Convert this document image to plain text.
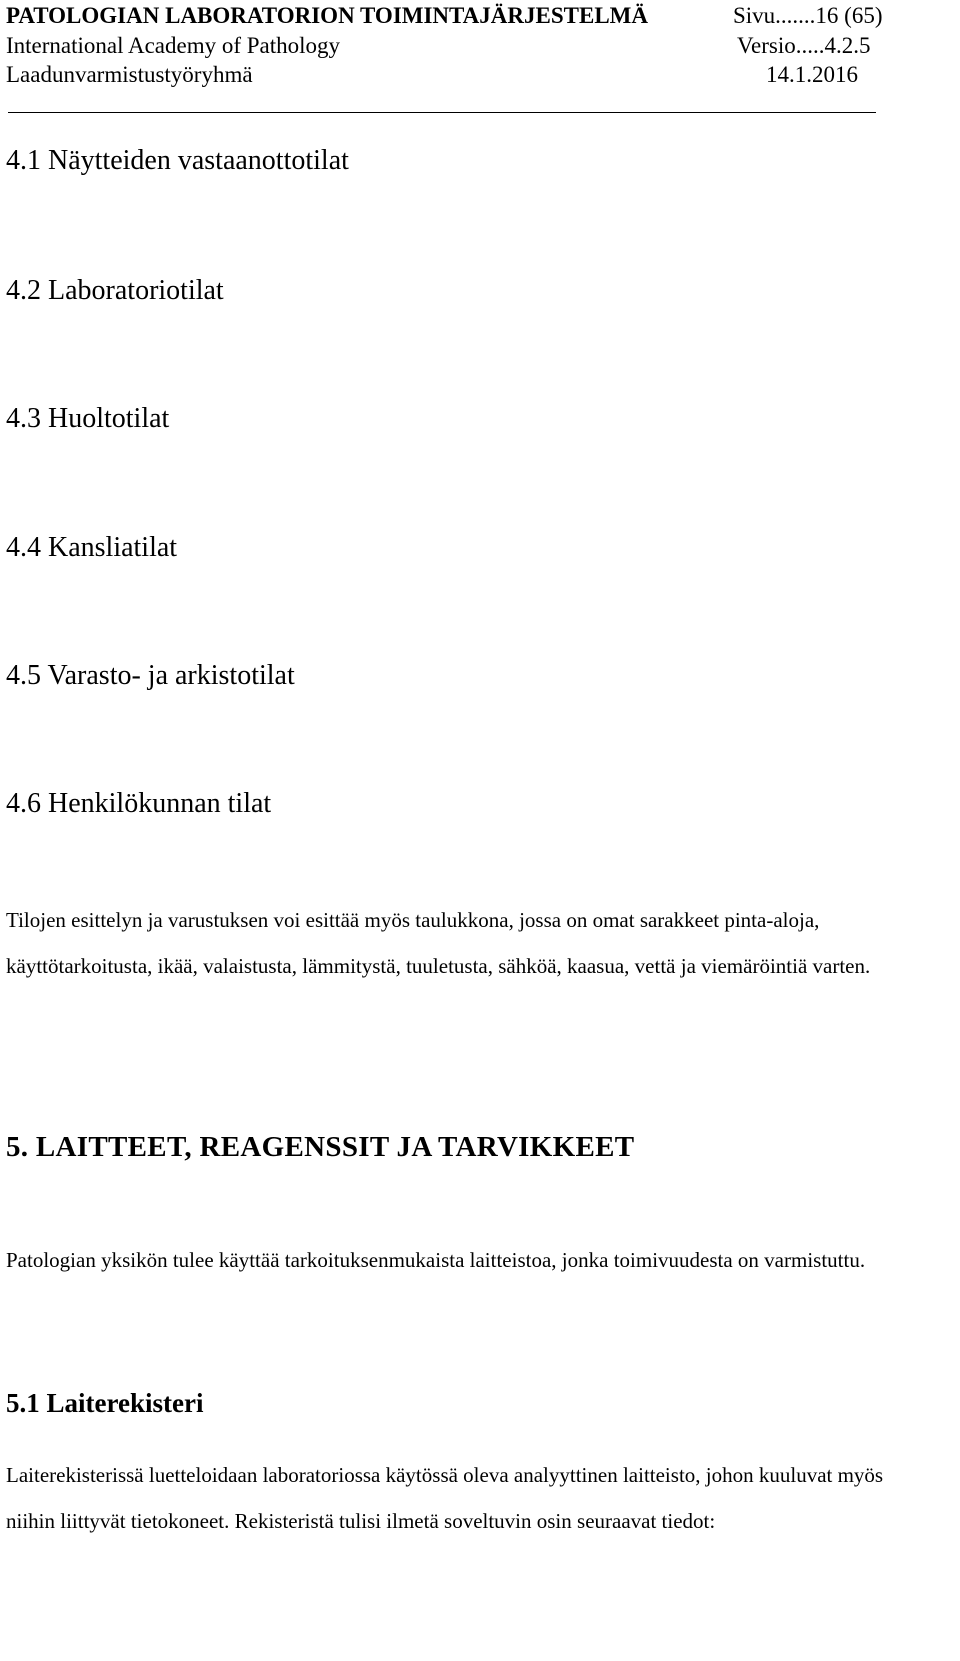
PATOLOGIAN LABORATORION TOIMINTAJÄRJESTELMÄ	Sivu.......16 (65)
International Academy of Pathology	Versio.....4.2.5
Laadunvarmistustyöryhmä	14.1.2016
4.1 Näytteiden vastaanottotilat
4.2 Laboratoriotilat
4.3 Huoltotilat
4.4 Kansliatilat
4.5 Varasto- ja arkistotilat
4.6 Henkilökunnan tilat

Tilojen esittelyn ja varustuksen voi esittää myös taulukkona, jossa on omat sarakkeet pinta-aloja, käyttötarkoitusta, ikää, valaistusta, lämmitystä, tuuletusta, sähköä, kaasua, vettä ja viemäröintiä varten.

5. LAITTEET, REAGENSSIT JA TARVIKKEET

Patologian yksikön tulee käyttää tarkoituksenmukaista laitteistoa, jonka toimivuudesta on varmistuttu.

5.1 Laiterekisteri

Laiterekisterissä luetteloidaan laboratoriossa käytössä oleva analyyttinen laitteisto, johon kuuluvat myös niihin liittyvät tietokoneet. Rekisteristä tulisi ilmetä soveltuvin osin seuraavat tiedot:
